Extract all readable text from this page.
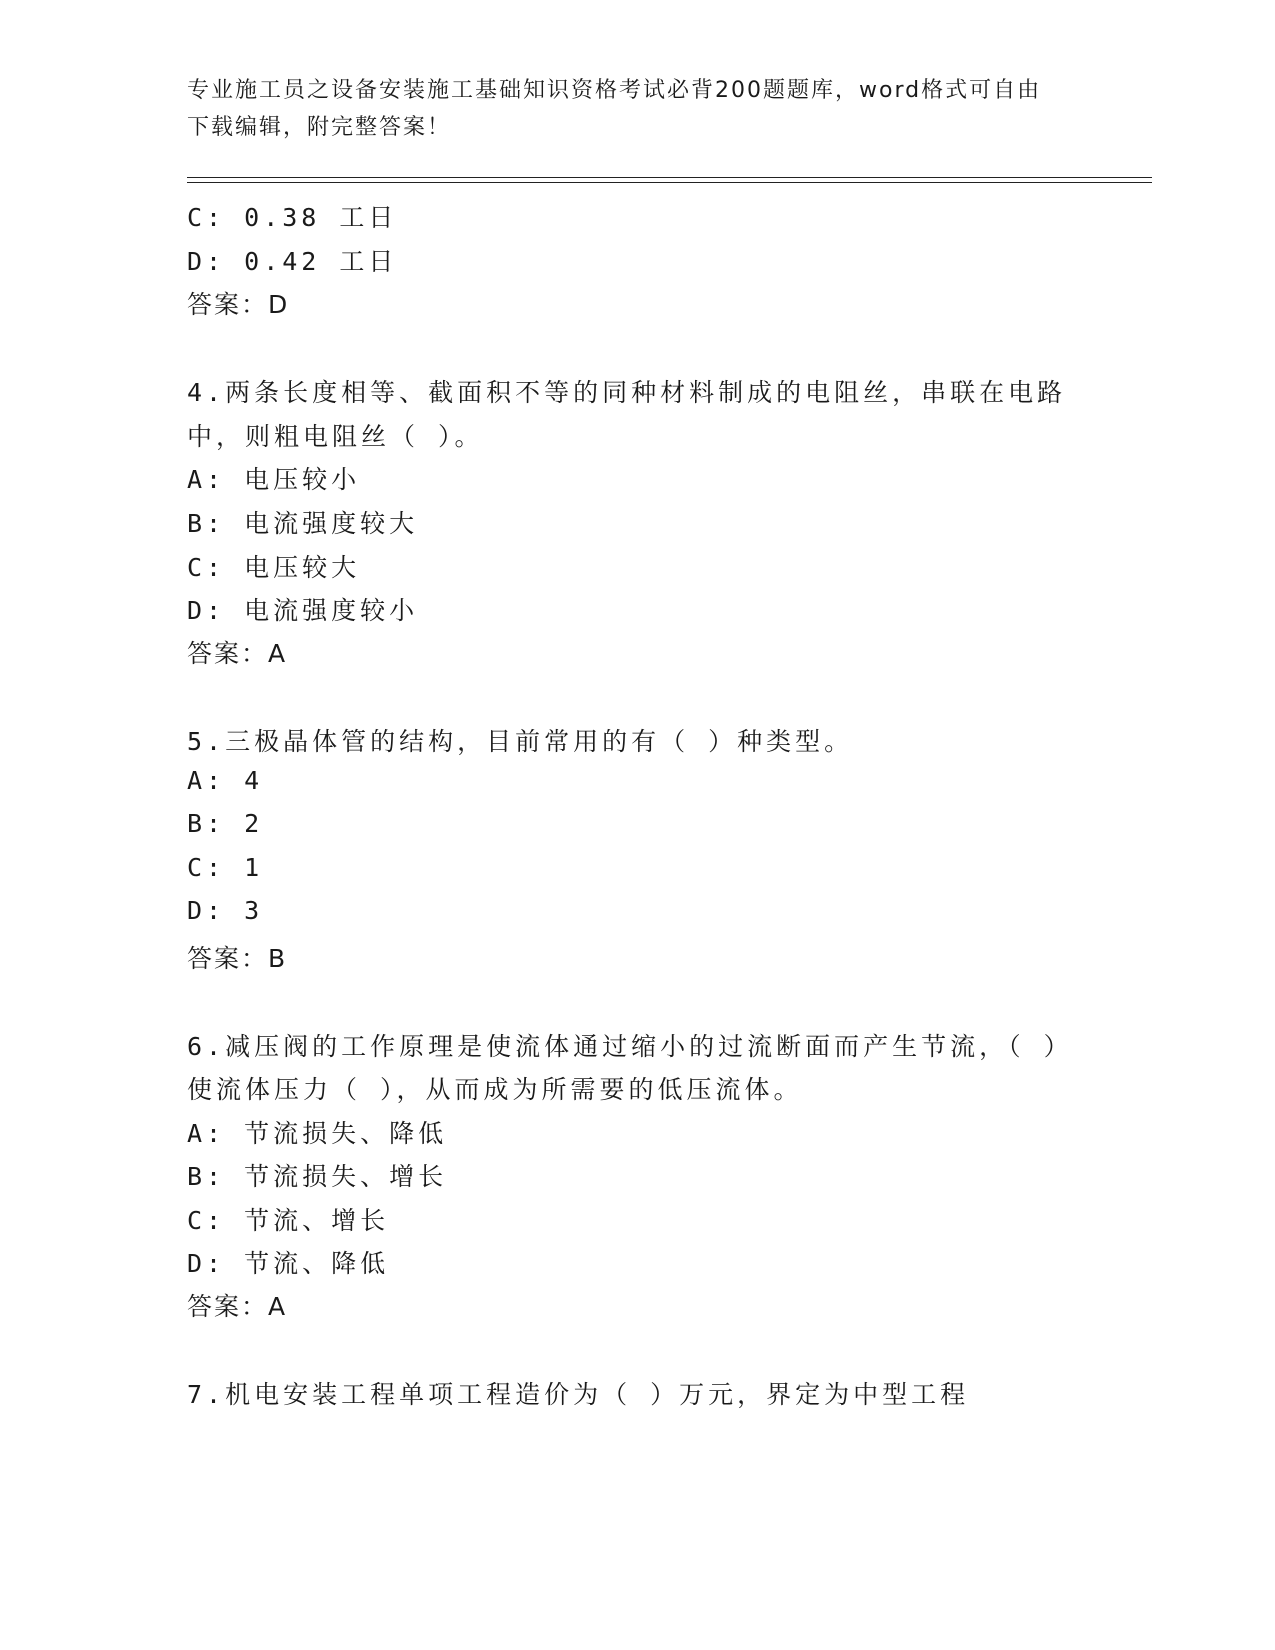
专业施工员之设备安装施工基础知识资格考试必背200题题库，word格式可自由
下载编辑，附完整答案！
C: 0.38 工日
D: 0.42 工日
答案：D
4.两条长度相等、截面积不等的同种材料制成的电阻丝，串联在电路
中，则粗电阻丝（ ）。
A: 电压较小
B: 电流强度较大
C: 电压较大
D: 电流强度较小
答案：A
5.三极晶体管的结构，目前常用的有（ ）种类型。
A: 4
B: 2
C: 1
D: 3
答案：B
6.减压阀的工作原理是使流体通过缩小的过流断面而产生节流，（ ）
使流体压力（ ），从而成为所需要的低压流体。
A: 节流损失、降低
B: 节流损失、增长
C: 节流、增长
D: 节流、降低
答案：A
7.机电安装工程单项工程造价为（ ）万元，界定为中型工程
